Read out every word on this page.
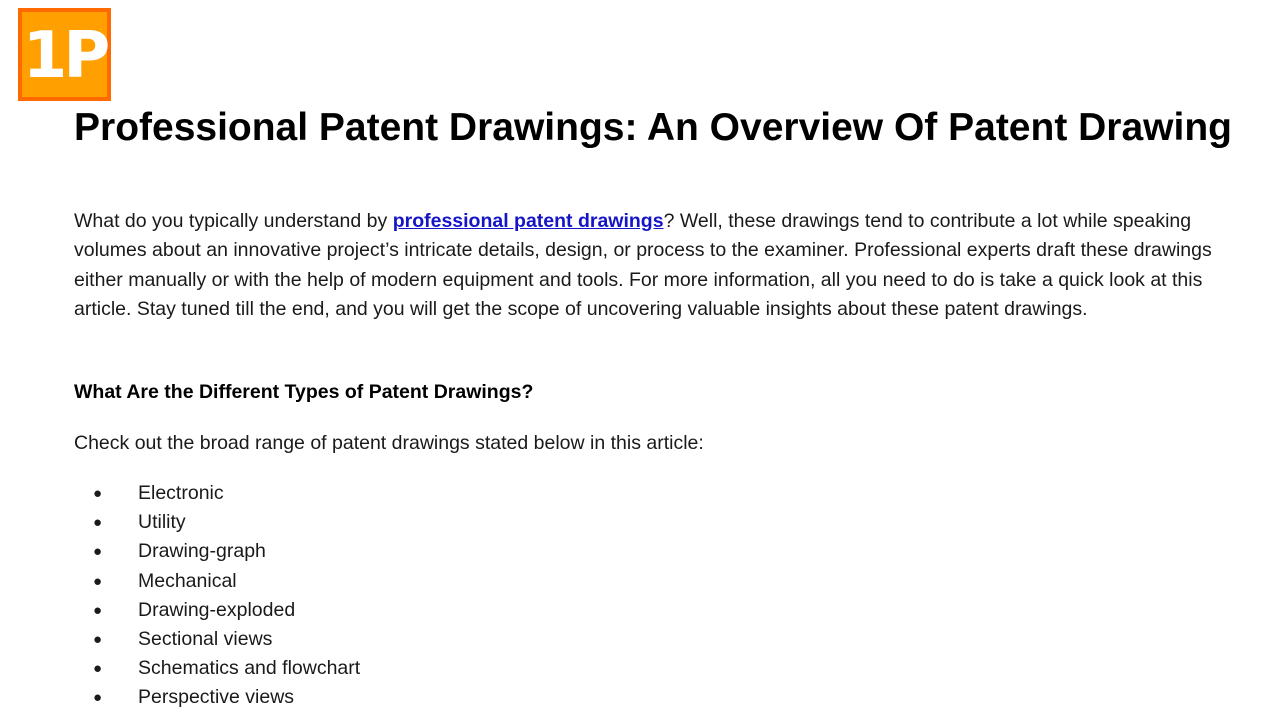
1P
Professional Patent Drawings: An Overview Of Patent Drawing

What do you typically understand by professional patent drawings? Well, these drawings tend to contribute a lot while speaking volumes about an innovative project’s intricate details, design, or process to the examiner. Professional experts draft these drawings either manually or with the help of modern equipment and tools. For more information, all you need to do is take a quick look at this article. Stay tuned till the end, and you will get the scope of uncovering valuable insights about these patent drawings.

What Are the Different Types of Patent Drawings?

Check out the broad range of patent drawings stated below in this article:

● Electronic
● Utility
● Drawing-graph
● Mechanical
● Drawing-exploded
● Sectional views
● Schematics and flowchart
● Perspective views
